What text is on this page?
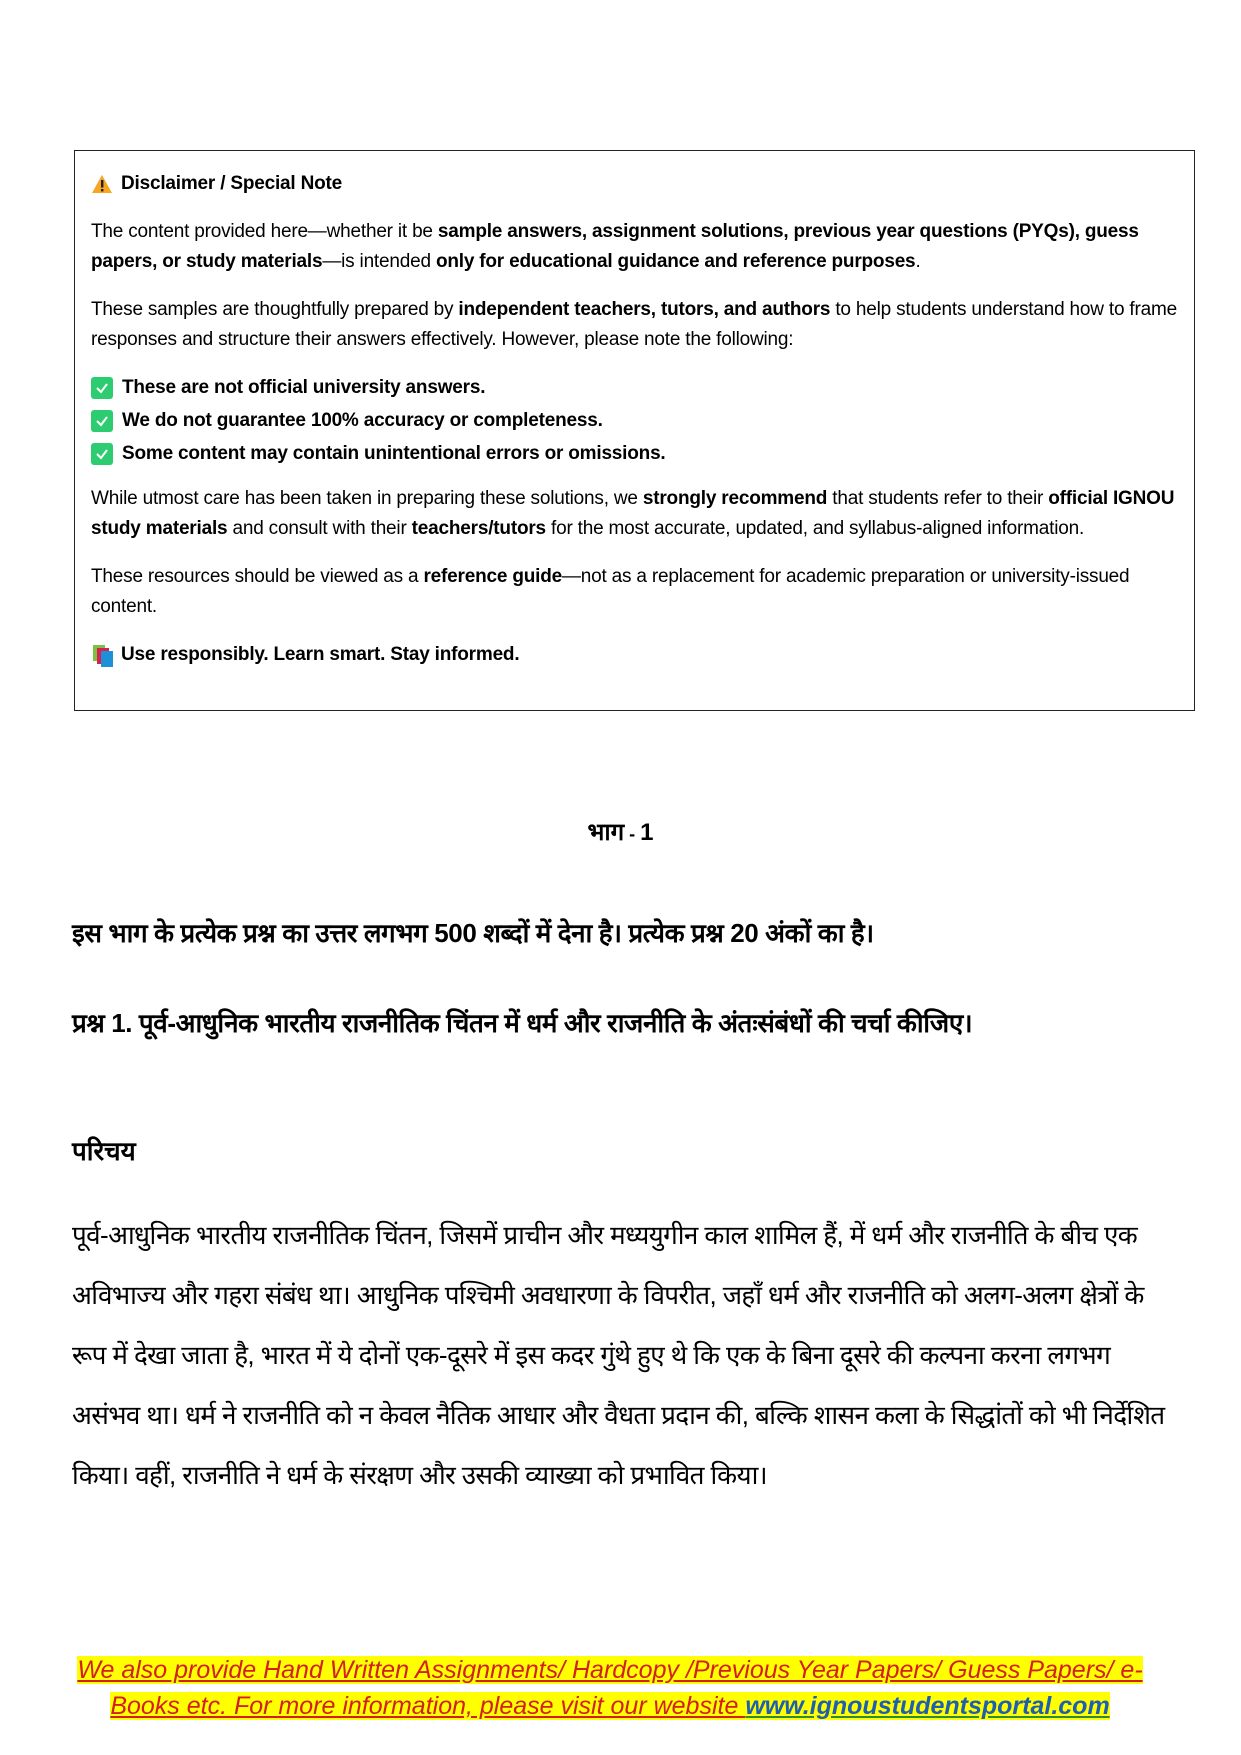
Disclaimer / Special Note

The content provided here—whether it be sample answers, assignment solutions, previous year questions (PYQs), guess papers, or study materials—is intended only for educational guidance and reference purposes.

These samples are thoughtfully prepared by independent teachers, tutors, and authors to help students understand how to frame responses and structure their answers effectively. However, please note the following:

These are not official university answers.
We do not guarantee 100% accuracy or completeness.
Some content may contain unintentional errors or omissions.

While utmost care has been taken in preparing these solutions, we strongly recommend that students refer to their official IGNOU study materials and consult with their teachers/tutors for the most accurate, updated, and syllabus-aligned information.

These resources should be viewed as a reference guide—not as a replacement for academic preparation or university-issued content.

Use responsibly. Learn smart. Stay informed.

भाग - 1
इस भाग के प्रत्येक प्रश्न का उत्तर लगभग 500 शब्दों में देना है। प्रत्येक प्रश्न 20 अंकों का है।
प्रश्न 1. पूर्व-आधुनिक भारतीय राजनीतिक चिंतन में धर्म और राजनीति के अंतःसंबंधों की चर्चा कीजिए।
परिचय

पूर्व-आधुनिक भारतीय राजनीतिक चिंतन, जिसमें प्राचीन और मध्ययुगीन काल शामिल हैं, में धर्म और राजनीति के बीच एक अविभाज्य और गहरा संबंध था। आधुनिक पश्चिमी अवधारणा के विपरीत, जहाँ धर्म और राजनीति को अलग-अलग क्षेत्रों के रूप में देखा जाता है, भारत में ये दोनों एक-दूसरे में इस कदर गुंथे हुए थे कि एक के बिना दूसरे की कल्पना करना लगभग असंभव था। धर्म ने राजनीति को न केवल नैतिक आधार और वैधता प्रदान की, बल्कि शासन कला के सिद्धांतों को भी निर्देशित किया। वहीं, राजनीति ने धर्म के संरक्षण और उसकी व्याख्या को प्रभावित किया।

We also provide Hand Written Assignments/ Hardcopy /Previous Year Papers/ Guess Papers/ e-Books etc. For more information, please visit our website www.ignoustudentsportal.com
